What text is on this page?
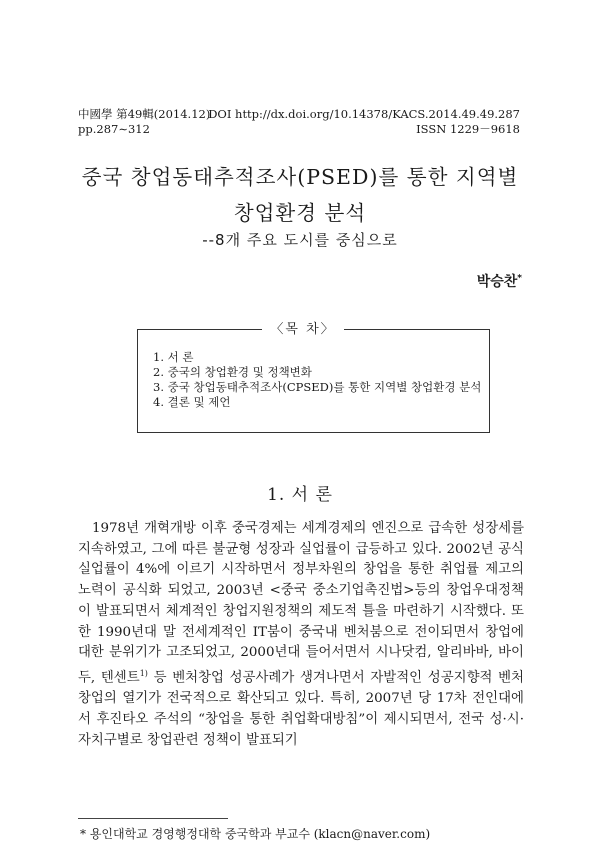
中國學 第49輯(2014.12)
pp.287∼312
DOI http://dx.doi.org/10.14378/KACS.2014.49.49.287
ISSN 1229－9618
중국 창업동태추적조사(PSED)를 통한 지역별
창업환경 분석
--8개 주요 도시를 중심으로
박승찬*
〈목 차〉
1. 서 론
2. 중국의 창업환경 및 정책변화
3. 중국 창업동태추적조사(CPSED)를 통한 지역별 창업환경 분석
4. 결론 및 제언
1. 서 론

1978년 개혁개방 이후 중국경제는 세계경제의 엔진으로 급속한 성장세를 지속하였고, 그에 따른 불균형 성장과 실업률이 급등하고 있다. 2002년 공식실업률이 4%에 이르기 시작하면서 정부차원의 창업을 통한 취업률 제고의 노력이 공식화 되었고, 2003년 <중국 중소기업촉진법>등의 창업우대정책이 발표되면서 체계적인 창업지원정책의 제도적 틀을 마련하기 시작했다. 또한 1990년대 말 전세계적인 IT붐이 중국내 벤처붐으로 전이되면서 창업에 대한 분위기가 고조되었고, 2000년대 들어서면서 시나닷컴, 알리바바, 바이두, 텐센트$^{1)}$ 등 벤처창업 성공사례가 생겨나면서 자발적인 성공지향적 벤처창업의 열기가 전국적으로 확산되고 있다. 특히, 2007년 당 17차 전인대에서 후진타오 주석의 “창업을 통한 취업확대방침”이 제시되면서, 전국 성·시·자치구별로 창업관련 정책이 발표되기

* 용인대학교 경영행정대학 중국학과 부교수 (klacn@naver.com)
